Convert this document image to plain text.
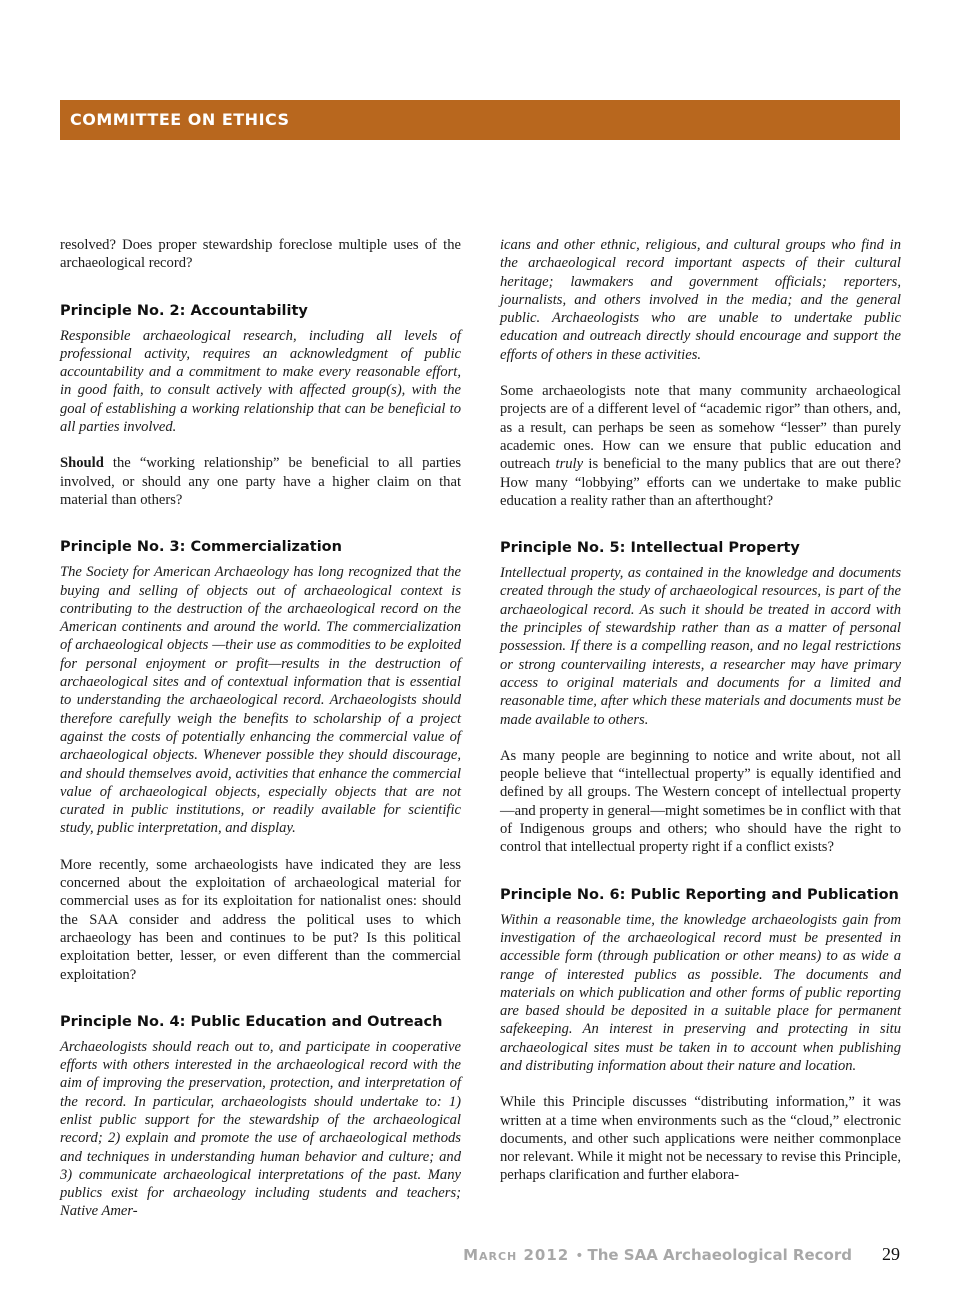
COMMITTEE ON ETHICS

resolved? Does proper stewardship foreclose multiple uses of the archaeological record?

Principle No. 2: Accountability

Responsible archaeological research, including all levels of professional activity, requires an acknowledgment of public accountability and a commitment to make every reasonable effort, in good faith, to consult actively with affected group(s), with the goal of establishing a working relationship that can be beneficial to all parties involved.

Should the “working relationship” be beneficial to all parties involved, or should any one party have a higher claim on that material than others?

Principle No. 3: Commercialization

The Society for American Archaeology has long recognized that the buying and selling of objects out of archaeological context is contributing to the destruction of the archaeological record on the American continents and around the world. The commercialization of archaeological objects —their use as commodities to be exploited for personal enjoyment or profit—results in the destruction of archaeological sites and of contextual information that is essential to understanding the archaeological record. Archaeologists should therefore carefully weigh the benefits to scholarship of a project against the costs of potentially enhancing the commercial value of archaeological objects. Whenever possible they should discourage, and should themselves avoid, activities that enhance the commercial value of archaeological objects, especially objects that are not curated in public institutions, or readily available for scientific study, public interpretation, and display.

More recently, some archaeologists have indicated they are less concerned about the exploitation of archaeological material for commercial uses as for its exploitation for nationalist ones: should the SAA consider and address the political uses to which archaeology has been and continues to be put? Is this political exploitation better, lesser, or even different than the commercial exploitation?

Principle No. 4: Public Education and Outreach

Archaeologists should reach out to, and participate in cooperative efforts with others interested in the archaeological record with the aim of improving the preservation, protection, and interpretation of the record. In particular, archaeologists should undertake to: 1) enlist public support for the stewardship of the archaeological record; 2) explain and promote the use of archaeological methods and techniques in understanding human behavior and culture; and 3) communicate archaeological interpretations of the past. Many publics exist for archaeology including students and teachers; Native Amer-

icans and other ethnic, religious, and cultural groups who find in the archaeological record important aspects of their cultural heritage; lawmakers and government officials; reporters, journalists, and others involved in the media; and the general public. Archaeologists who are unable to undertake public education and outreach directly should encourage and support the efforts of others in these activities.

Some archaeologists note that many community archaeological projects are of a different level of “academic rigor” than others, and, as a result, can perhaps be seen as somehow “lesser” than purely academic ones. How can we ensure that public education and outreach truly is beneficial to the many publics that are out there? How many “lobbying” efforts can we undertake to make public education a reality rather than an afterthought?

Principle No. 5: Intellectual Property

Intellectual property, as contained in the knowledge and documents created through the study of archaeological resources, is part of the archaeological record. As such it should be treated in accord with the principles of stewardship rather than as a matter of personal possession. If there is a compelling reason, and no legal restrictions or strong countervailing interests, a researcher may have primary access to original materials and documents for a limited and reasonable time, after which these materials and documents must be made available to others.

As many people are beginning to notice and write about, not all people believe that “intellectual property” is equally identified and defined by all groups. The Western concept of intellectual property—and property in general—might sometimes be in conflict with that of Indigenous groups and others; who should have the right to control that intellectual property right if a conflict exists?

Principle No. 6: Public Reporting and Publication

Within a reasonable time, the knowledge archaeologists gain from investigation of the archaeological record must be presented in accessible form (through publication or other means) to as wide a range of interested publics as possible. The documents and materials on which publication and other forms of public reporting are based should be deposited in a suitable place for permanent safekeeping. An interest in preserving and protecting in situ archaeological sites must be taken in to account when publishing and distributing information about their nature and location.

While this Principle discusses “distributing information,” it was written at a time when environments such as the “cloud,” electronic documents, and other such applications were neither commonplace nor relevant. While it might not be necessary to revise this Principle, perhaps clarification and further elabora-

March 2012 • The SAA Archaeological Record 29
